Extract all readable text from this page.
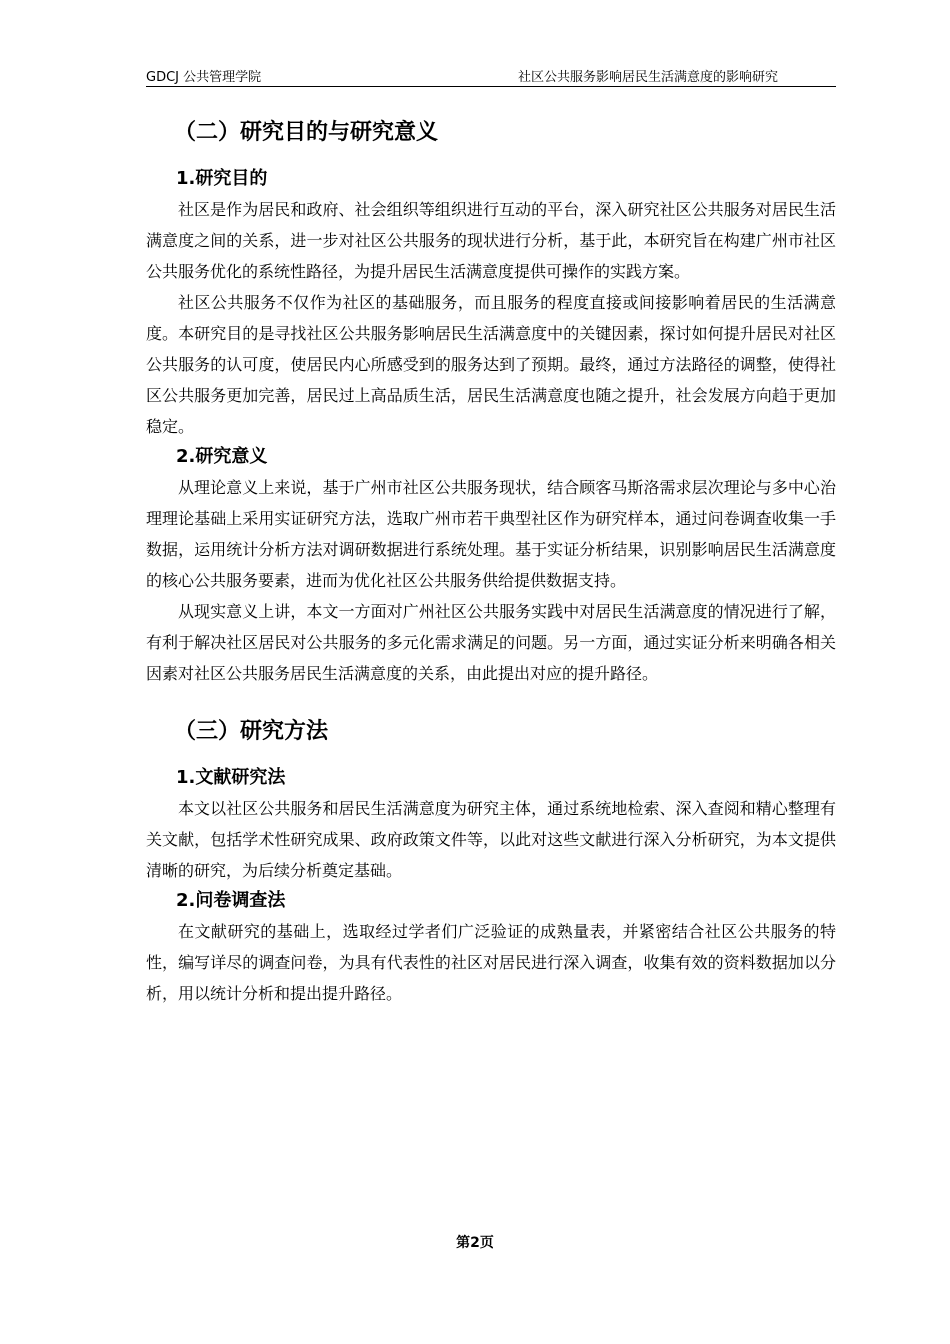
GDCJ 公共管理学院	社区公共服务影响居民生活满意度的影响研究
（二）研究目的与研究意义
1.研究目的

社区是作为居民和政府、社会组织等组织进行互动的平台，深入研究社区公共服务对居民生活满意度之间的关系，进一步对社区公共服务的现状进行分析，基于此，本研究旨在构建广州市社区公共服务优化的系统性路径，为提升居民生活满意度提供可操作的实践方案。

社区公共服务不仅作为社区的基础服务，而且服务的程度直接或间接影响着居民的生活满意度。本研究目的是寻找社区公共服务影响居民生活满意度中的关键因素，探讨如何提升居民对社区公共服务的认可度，使居民内心所感受到的服务达到了预期。最终，通过方法路径的调整，使得社区公共服务更加完善，居民过上高品质生活，居民生活满意度也随之提升，社会发展方向趋于更加稳定。

2.研究意义

从理论意义上来说，基于广州市社区公共服务现状，结合顾客马斯洛需求层次理论与多中心治理理论基础上采用实证研究方法，选取广州市若干典型社区作为研究样本，通过问卷调查收集一手数据，运用统计分析方法对调研数据进行系统处理。基于实证分析结果，识别影响居民生活满意度的核心公共服务要素，进而为优化社区公共服务供给提供数据支持。

从现实意义上讲，本文一方面对广州社区公共服务实践中对居民生活满意度的情况进行了解，有利于解决社区居民对公共服务的多元化需求满足的问题。另一方面，通过实证分析来明确各相关因素对社区公共服务居民生活满意度的关系，由此提出对应的提升路径。

（三）研究方法
1.文献研究法

本文以社区公共服务和居民生活满意度为研究主体，通过系统地检索、深入查阅和精心整理有关文献，包括学术性研究成果、政府政策文件等，以此对这些文献进行深入分析研究，为本文提供清晰的研究，为后续分析奠定基础。

2.问卷调查法

在文献研究的基础上，选取经过学者们广泛验证的成熟量表，并紧密结合社区公共服务的特性，编写详尽的调查问卷，为具有代表性的社区对居民进行深入调查，收集有效的资料数据加以分析，用以统计分析和提出提升路径。

第2页
